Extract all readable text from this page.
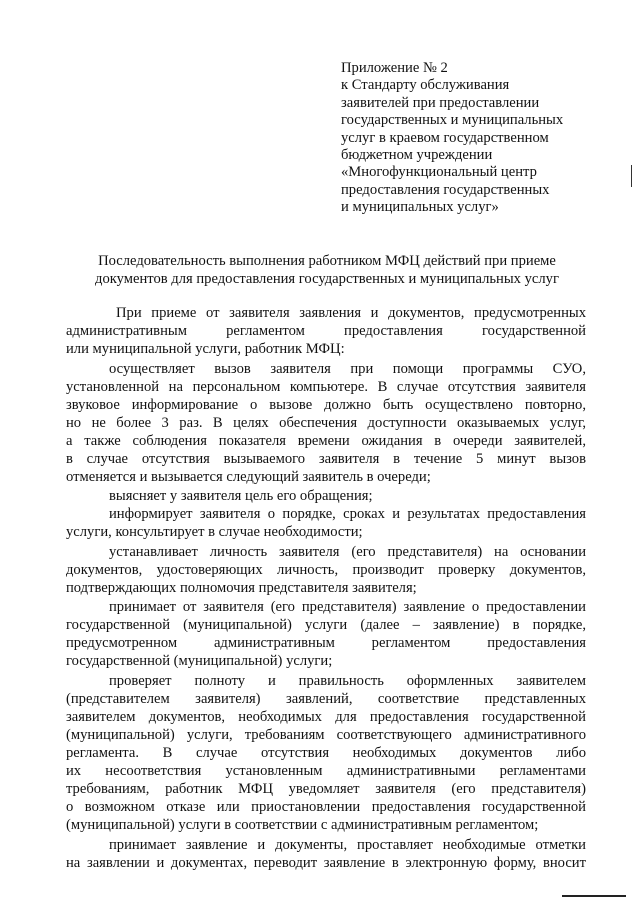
Приложение № 2
к Стандарту обслуживания
заявителей при предоставлении
государственных и муниципальных
услуг в краевом государственном
бюджетном учреждении
«Многофункциональный центр
предоставления государственных
и муниципальных услуг»
Последовательность выполнения работником МФЦ действий при приеме
документов для предоставления государственных и муниципальных услуг
При приеме от заявителя заявления и документов, предусмотренных
административным регламентом предоставления государственной
или муниципальной услуги, работник МФЦ:
осуществляет вызов заявителя при помощи программы СУО,
установленной на персональном компьютере. В случае отсутствия заявителя
звуковое информирование о вызове должно быть осуществлено повторно,
но не более 3 раз. В целях обеспечения доступности оказываемых услуг,
а также соблюдения показателя времени ожидания в очереди заявителей,
в случае отсутствия вызываемого заявителя в течение 5 минут вызов
отменяется и вызывается следующий заявитель в очереди;
выясняет у заявителя цель его обращения;
информирует заявителя о порядке, сроках и результатах предоставления
услуги, консультирует в случае необходимости;
устанавливает личность заявителя (его представителя) на основании
документов, удостоверяющих личность, производит проверку документов,
подтверждающих полномочия представителя заявителя;
принимает от заявителя (его представителя) заявление о предоставлении
государственной (муниципальной) услуги (далее – заявление) в порядке,
предусмотренном административным регламентом предоставления
государственной (муниципальной) услуги;
проверяет полноту и правильность оформленных заявителем
(представителем заявителя) заявлений, соответствие представленных
заявителем документов, необходимых для предоставления государственной
(муниципальной) услуги, требованиям соответствующего административного
регламента. В случае отсутствия необходимых документов либо
их несоответствия установленным административными регламентами
требованиям, работник МФЦ уведомляет заявителя (его представителя)
о возможном отказе или приостановлении предоставления государственной
(муниципальной) услуги в соответствии с административным регламентом;
принимает заявление и документы, проставляет необходимые отметки
на заявлении и документах, переводит заявление в электронную форму, вносит
